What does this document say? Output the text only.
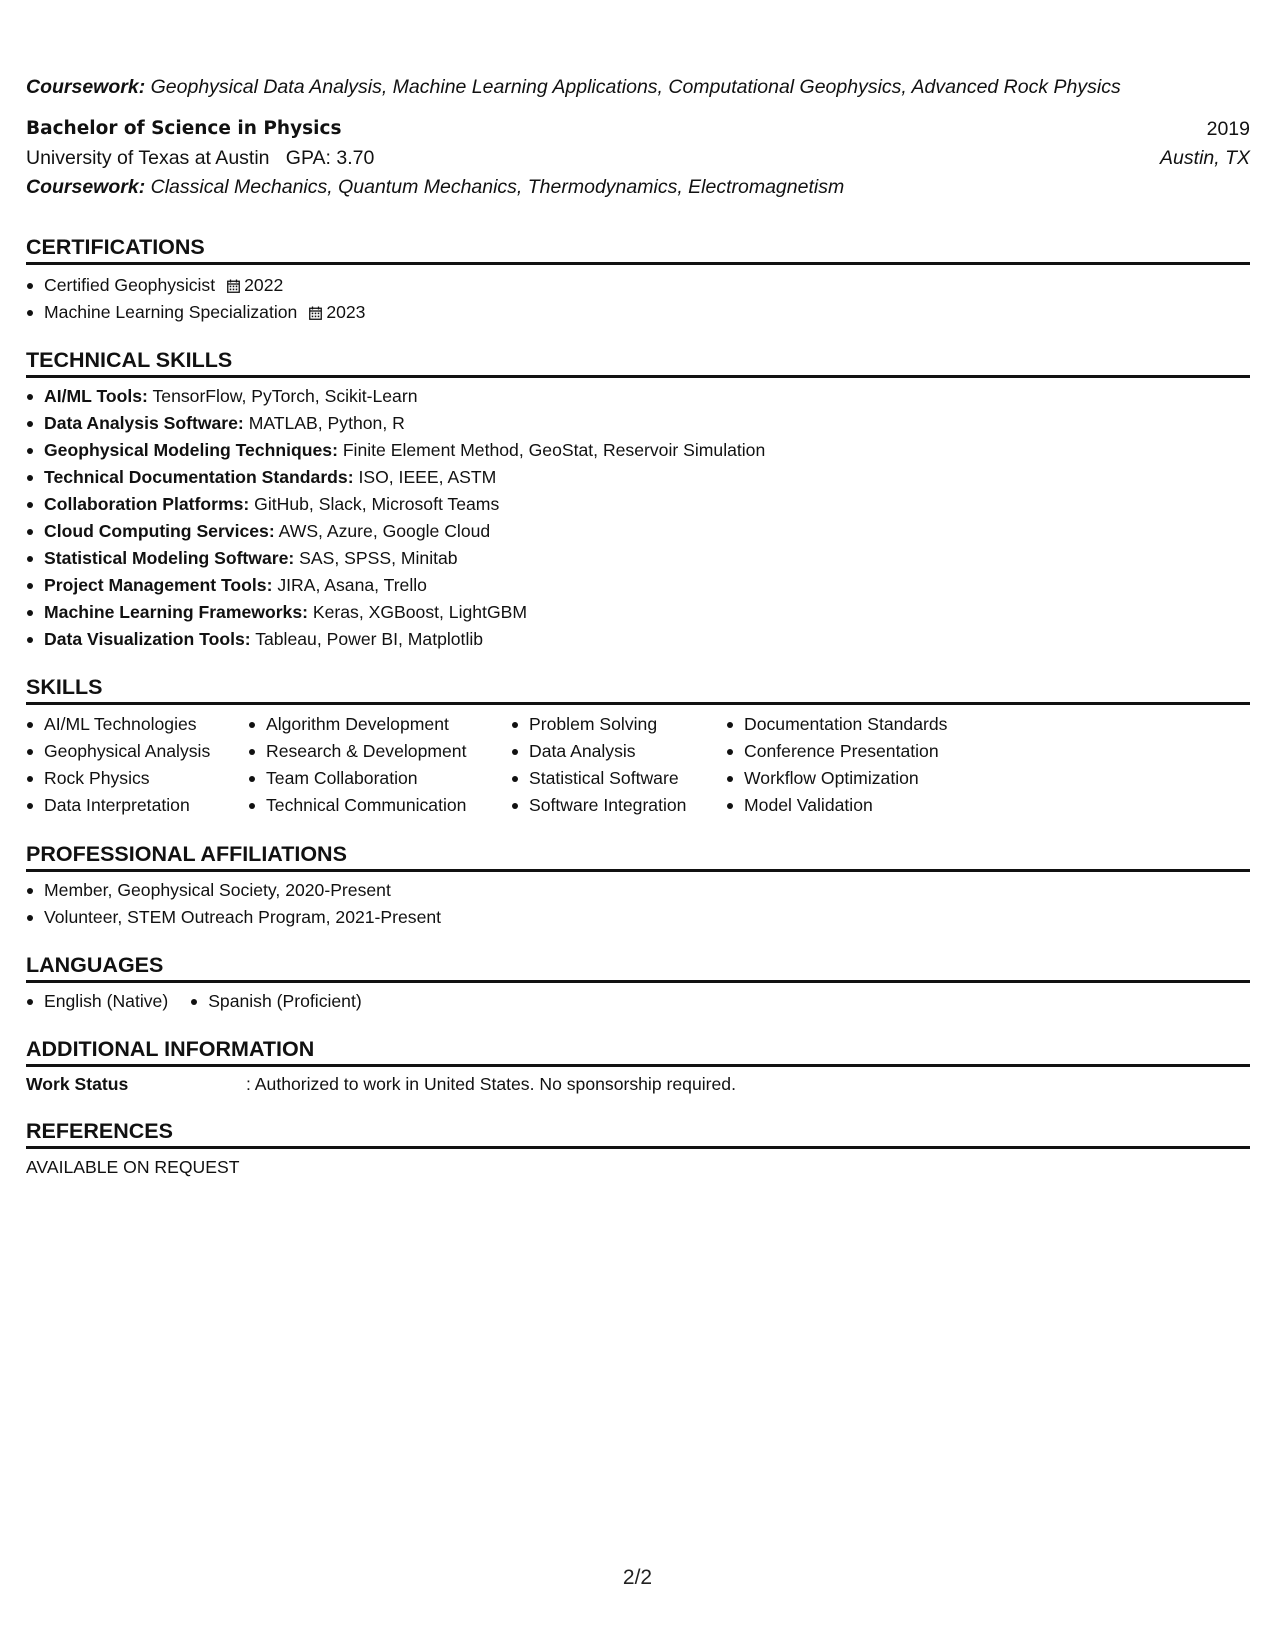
Coursework: Geophysical Data Analysis, Machine Learning Applications, Computational Geophysics, Advanced Rock Physics
Bachelor of Science in Physics	2019
University of Texas at Austin GPA: 3.70	Austin, TX
Coursework: Classical Mechanics, Quantum Mechanics, Thermodynamics, Electromagnetism
CERTIFICATIONS
Certified Geophysicist 2022
Machine Learning Specialization 2023
TECHNICAL SKILLS
AI/ML Tools: TensorFlow, PyTorch, Scikit-Learn
Data Analysis Software: MATLAB, Python, R
Geophysical Modeling Techniques: Finite Element Method, GeoStat, Reservoir Simulation
Technical Documentation Standards: ISO, IEEE, ASTM
Collaboration Platforms: GitHub, Slack, Microsoft Teams
Cloud Computing Services: AWS, Azure, Google Cloud
Statistical Modeling Software: SAS, SPSS, Minitab
Project Management Tools: JIRA, Asana, Trello
Machine Learning Frameworks: Keras, XGBoost, LightGBM
Data Visualization Tools: Tableau, Power BI, Matplotlib
SKILLS
AI/ML Technologies
Geophysical Analysis
Rock Physics
Data Interpretation
Algorithm Development
Research & Development
Team Collaboration
Technical Communication
Problem Solving
Data Analysis
Statistical Software
Software Integration
Documentation Standards
Conference Presentation
Workflow Optimization
Model Validation
PROFESSIONAL AFFILIATIONS
Member, Geophysical Society, 2020-Present
Volunteer, STEM Outreach Program, 2021-Present
LANGUAGES
English (Native)	Spanish (Proficient)
ADDITIONAL INFORMATION
Work Status	: Authorized to work in United States. No sponsorship required.
REFERENCES
AVAILABLE ON REQUEST
2/2
